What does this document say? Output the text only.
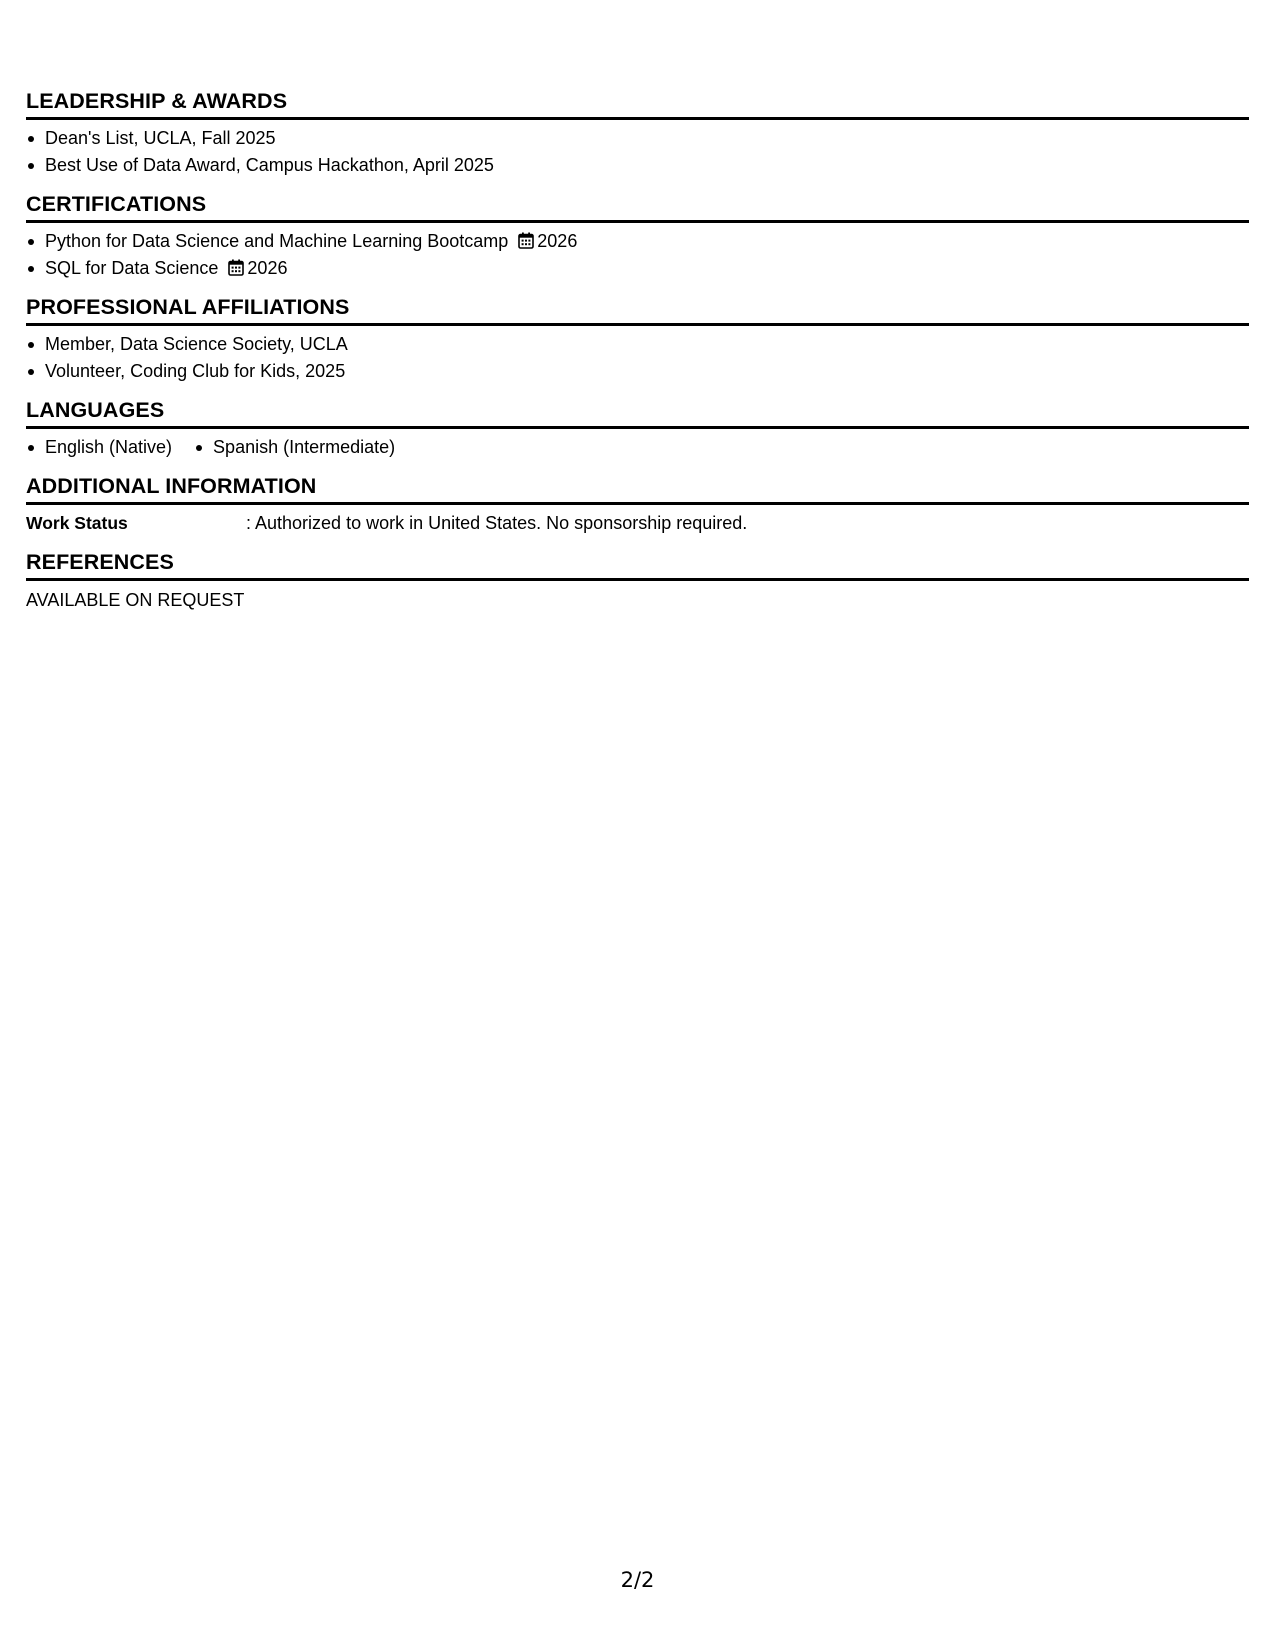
LEADERSHIP & AWARDS
Dean's List, UCLA, Fall 2025
Best Use of Data Award, Campus Hackathon, April 2025
CERTIFICATIONS
Python for Data Science and Machine Learning Bootcamp 2026
SQL for Data Science 2026
PROFESSIONAL AFFILIATIONS
Member, Data Science Society, UCLA
Volunteer, Coding Club for Kids, 2025
LANGUAGES
English (Native)	Spanish (Intermediate)
ADDITIONAL INFORMATION
Work Status	: Authorized to work in United States. No sponsorship required.
REFERENCES
AVAILABLE ON REQUEST
2/2
